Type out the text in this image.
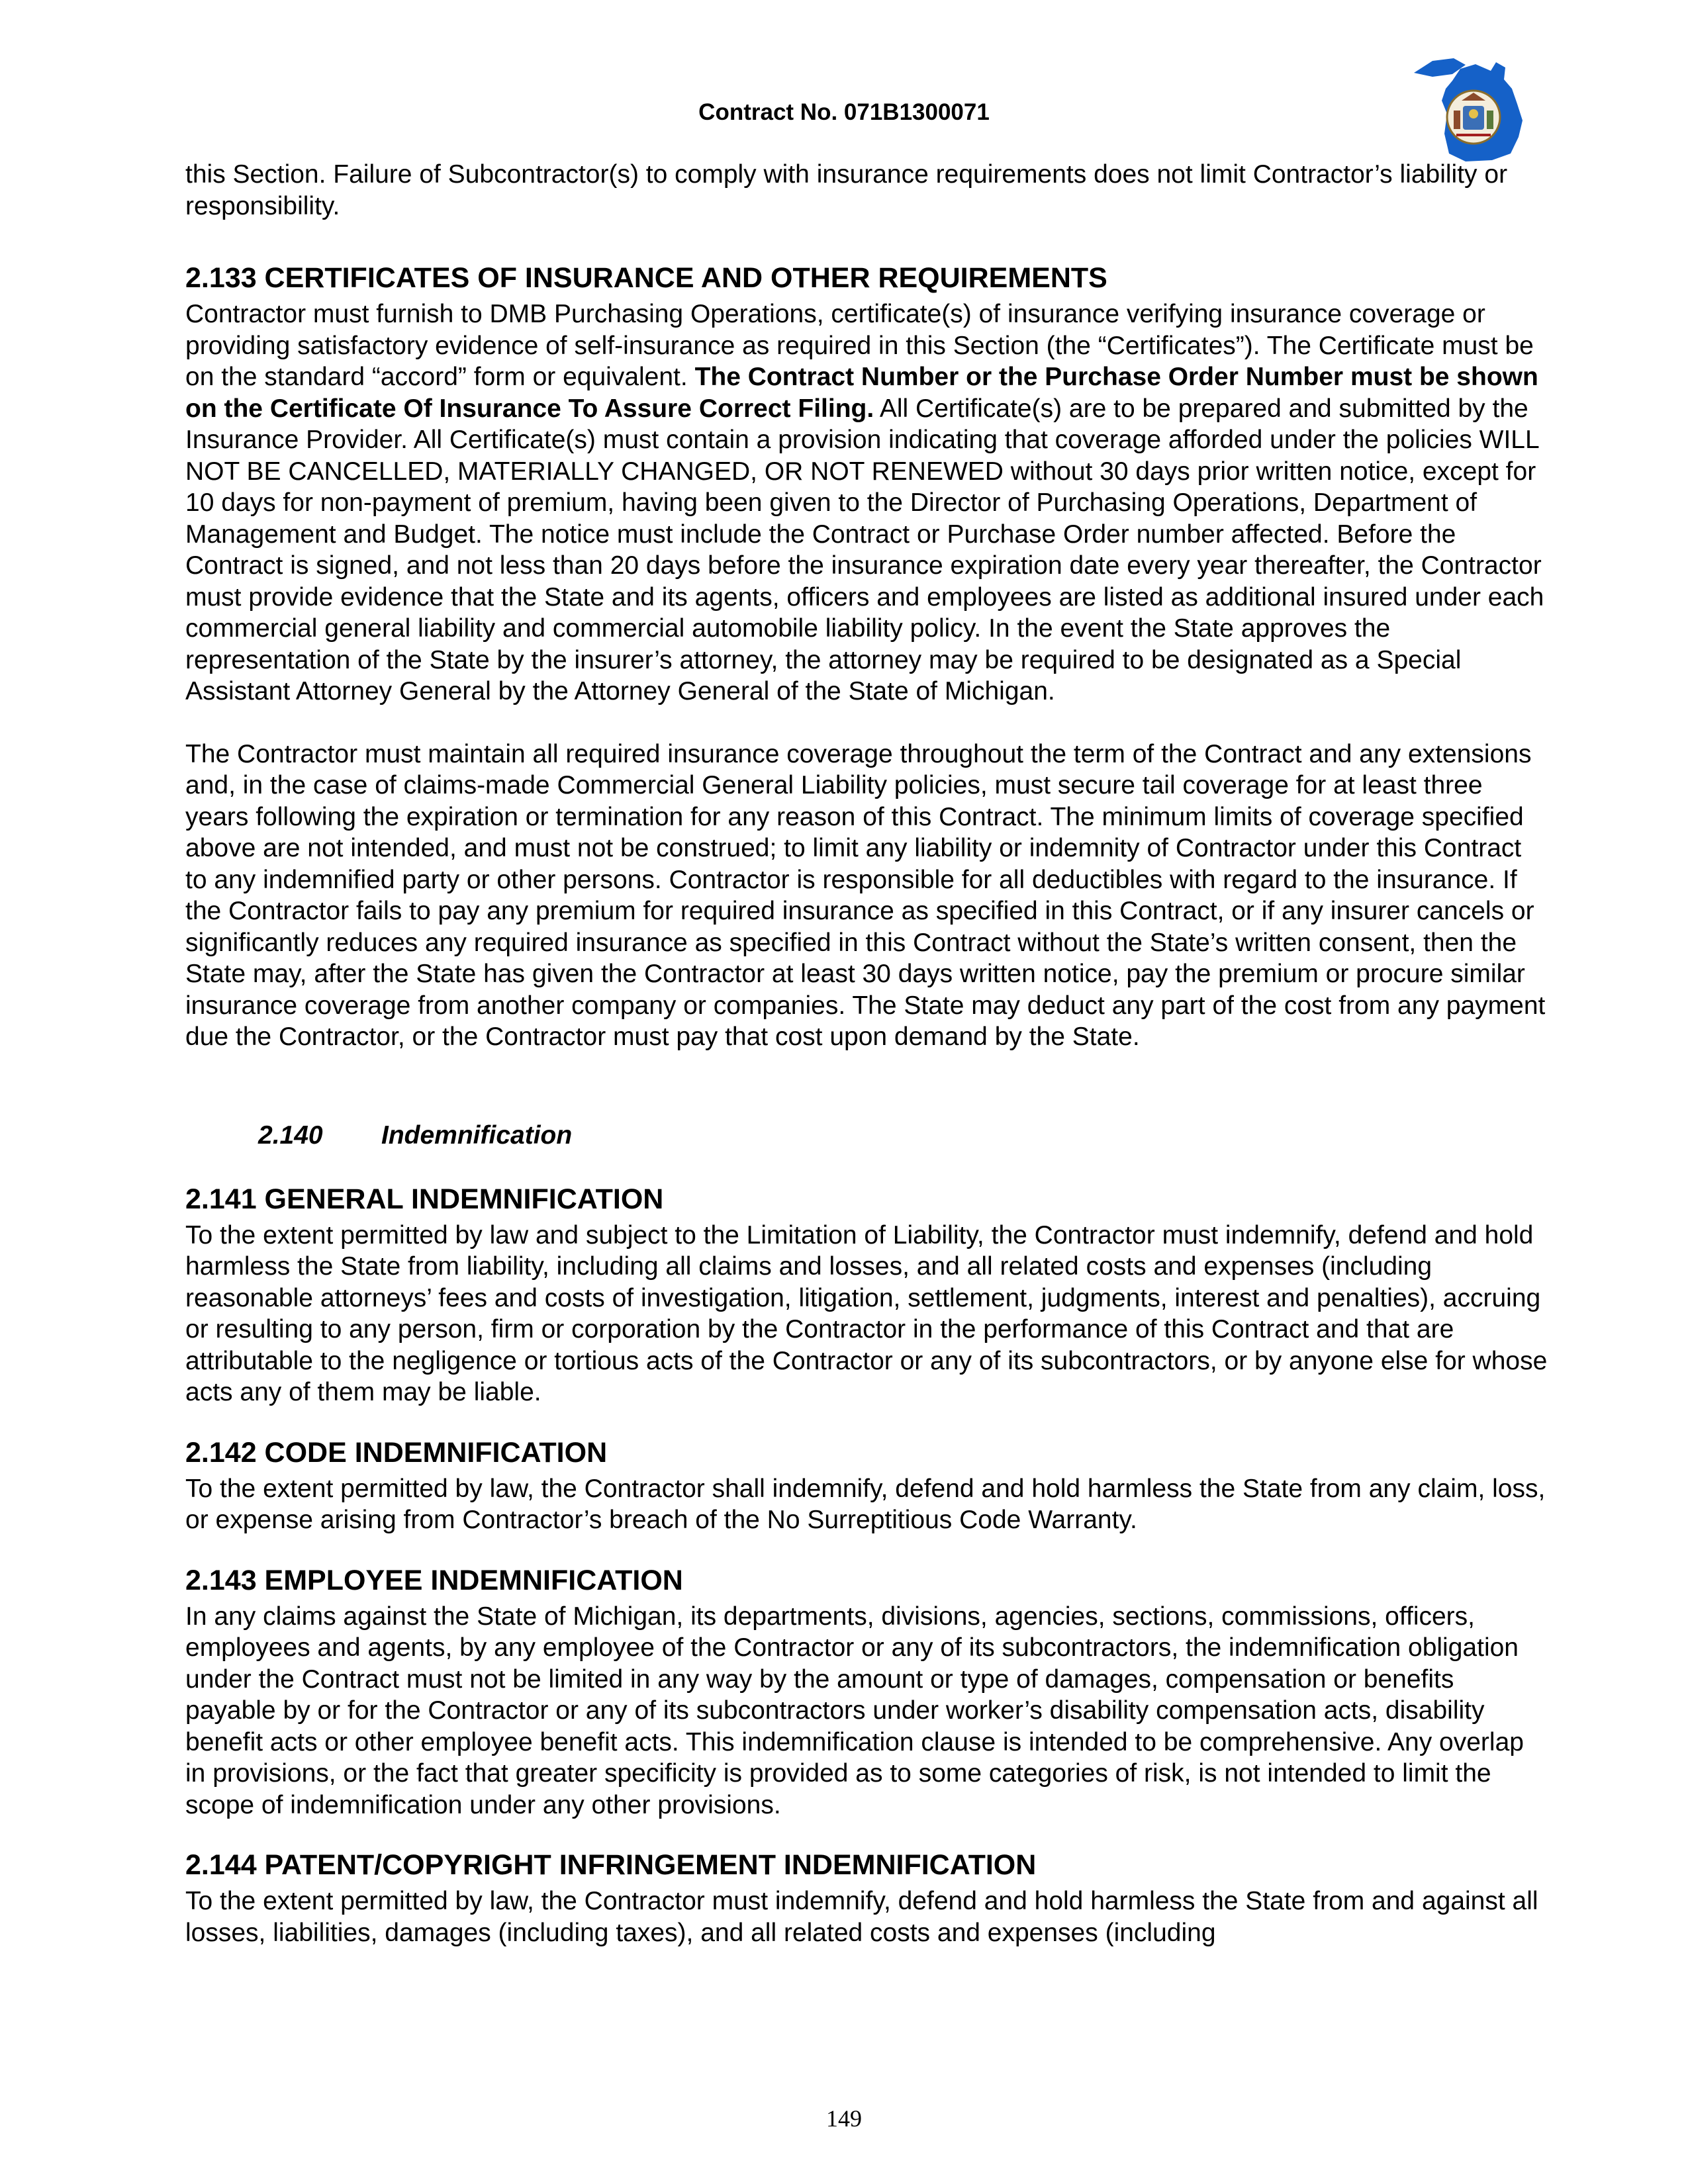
Contract No. 071B1300071

this Section. Failure of Subcontractor(s) to comply with insurance requirements does not limit Contractor’s liability or responsibility.

2.133 CERTIFICATES OF INSURANCE AND OTHER REQUIREMENTS

Contractor must furnish to DMB Purchasing Operations, certificate(s) of insurance verifying insurance coverage or providing satisfactory evidence of self-insurance as required in this Section (the “Certificates”). The Certificate must be on the standard “accord” form or equivalent. The Contract Number or the Purchase Order Number must be shown on the Certificate Of Insurance To Assure Correct Filing. All Certificate(s) are to be prepared and submitted by the Insurance Provider. All Certificate(s) must contain a provision indicating that coverage afforded under the policies WILL NOT BE CANCELLED, MATERIALLY CHANGED, OR NOT RENEWED without 30 days prior written notice, except for 10 days for non-payment of premium, having been given to the Director of Purchasing Operations, Department of Management and Budget. The notice must include the Contract or Purchase Order number affected. Before the Contract is signed, and not less than 20 days before the insurance expiration date every year thereafter, the Contractor must provide evidence that the State and its agents, officers and employees are listed as additional insured under each commercial general liability and commercial automobile liability policy. In the event the State approves the representation of the State by the insurer’s attorney, the attorney may be required to be designated as a Special Assistant Attorney General by the Attorney General of the State of Michigan.

The Contractor must maintain all required insurance coverage throughout the term of the Contract and any extensions and, in the case of claims-made Commercial General Liability policies, must secure tail coverage for at least three years following the expiration or termination for any reason of this Contract. The minimum limits of coverage specified above are not intended, and must not be construed; to limit any liability or indemnity of Contractor under this Contract to any indemnified party or other persons. Contractor is responsible for all deductibles with regard to the insurance. If the Contractor fails to pay any premium for required insurance as specified in this Contract, or if any insurer cancels or significantly reduces any required insurance as specified in this Contract without the State’s written consent, then the State may, after the State has given the Contractor at least 30 days written notice, pay the premium or procure similar insurance coverage from another company or companies. The State may deduct any part of the cost from any payment due the Contractor, or the Contractor must pay that cost upon demand by the State.

2.140 Indemnification
2.141 GENERAL INDEMNIFICATION

To the extent permitted by law and subject to the Limitation of Liability, the Contractor must indemnify, defend and hold harmless the State from liability, including all claims and losses, and all related costs and expenses (including reasonable attorneys’ fees and costs of investigation, litigation, settlement, judgments, interest and penalties), accruing or resulting to any person, firm or corporation by the Contractor in the performance of this Contract and that are attributable to the negligence or tortious acts of the Contractor or any of its subcontractors, or by anyone else for whose acts any of them may be liable.

2.142 CODE INDEMNIFICATION

To the extent permitted by law, the Contractor shall indemnify, defend and hold harmless the State from any claim, loss, or expense arising from Contractor’s breach of the No Surreptitious Code Warranty.

2.143 EMPLOYEE INDEMNIFICATION

In any claims against the State of Michigan, its departments, divisions, agencies, sections, commissions, officers, employees and agents, by any employee of the Contractor or any of its subcontractors, the indemnification obligation under the Contract must not be limited in any way by the amount or type of damages, compensation or benefits payable by or for the Contractor or any of its subcontractors under worker’s disability compensation acts, disability benefit acts or other employee benefit acts. This indemnification clause is intended to be comprehensive. Any overlap in provisions, or the fact that greater specificity is provided as to some categories of risk, is not intended to limit the scope of indemnification under any other provisions.

2.144 PATENT/COPYRIGHT INFRINGEMENT INDEMNIFICATION

To the extent permitted by law, the Contractor must indemnify, defend and hold harmless the State from and against all losses, liabilities, damages (including taxes), and all related costs and expenses (including

149
